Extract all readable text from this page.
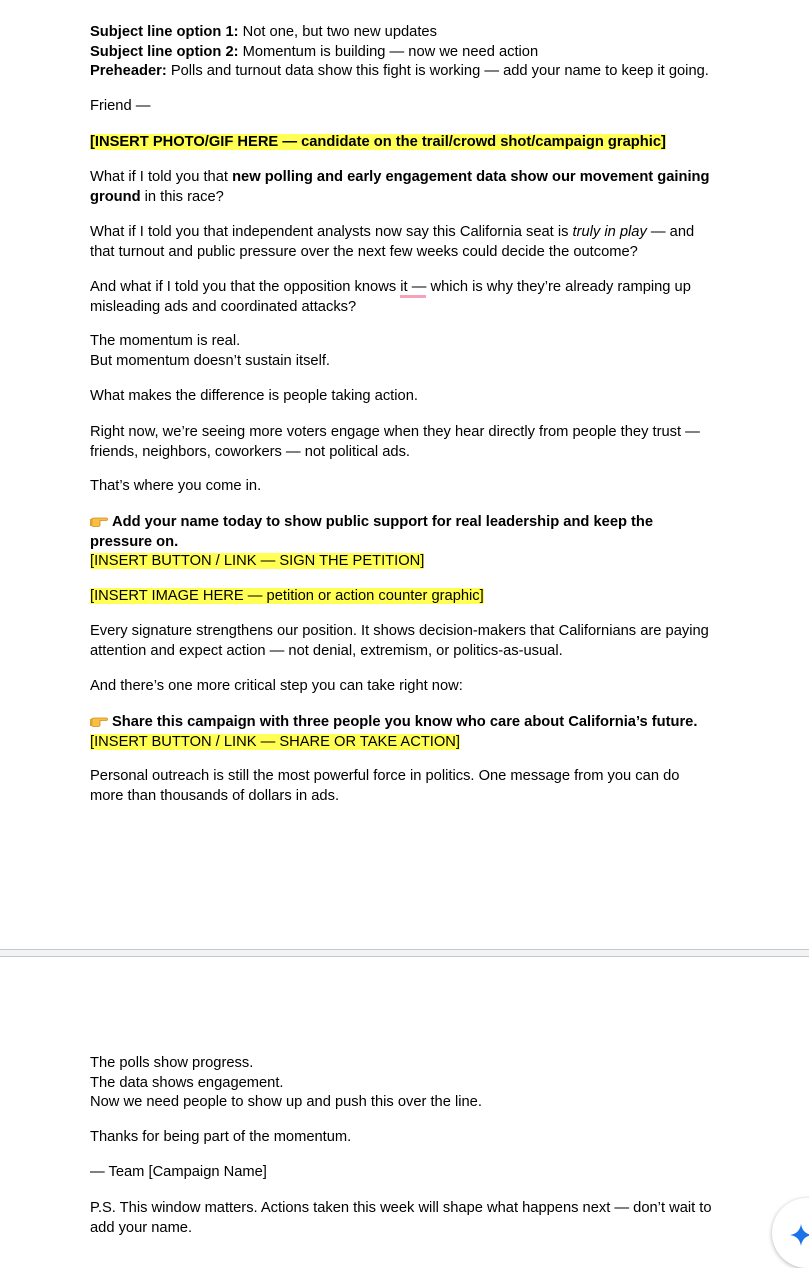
Subject line option 1: Not one, but two new updates
Subject line option 2: Momentum is building — now we need action
Preheader: Polls and turnout data show this fight is working — add your name to keep it going.

Friend —

[INSERT PHOTO/GIF HERE — candidate on the trail/crowd shot/campaign graphic]

What if I told you that new polling and early engagement data show our movement gaining ground in this race?

What if I told you that independent analysts now say this California seat is truly in play — and that turnout and public pressure over the next few weeks could decide the outcome?

And what if I told you that the opposition knows it — which is why they’re already ramping up misleading ads and coordinated attacks?

The momentum is real.
But momentum doesn’t sustain itself.

What makes the difference is people taking action.

Right now, we’re seeing more voters engage when they hear directly from people they trust — friends, neighbors, coworkers — not political ads.

That’s where you come in.

Add your name today to show public support for real leadership and keep the pressure on.
[INSERT BUTTON / LINK — SIGN THE PETITION]

[INSERT IMAGE HERE — petition or action counter graphic]

Every signature strengthens our position. It shows decision-makers that Californians are paying attention and expect action — not denial, extremism, or politics-as-usual.

And there’s one more critical step you can take right now:

Share this campaign with three people you know who care about California’s future.
[INSERT BUTTON / LINK — SHARE OR TAKE ACTION]

Personal outreach is still the most powerful force in politics. One message from you can do more than thousands of dollars in ads.

The polls show progress.
The data shows engagement.
Now we need people to show up and push this over the line.

Thanks for being part of the momentum.

— Team [Campaign Name]

P.S. This window matters. Actions taken this week will shape what happens next — don’t wait to add your name.
